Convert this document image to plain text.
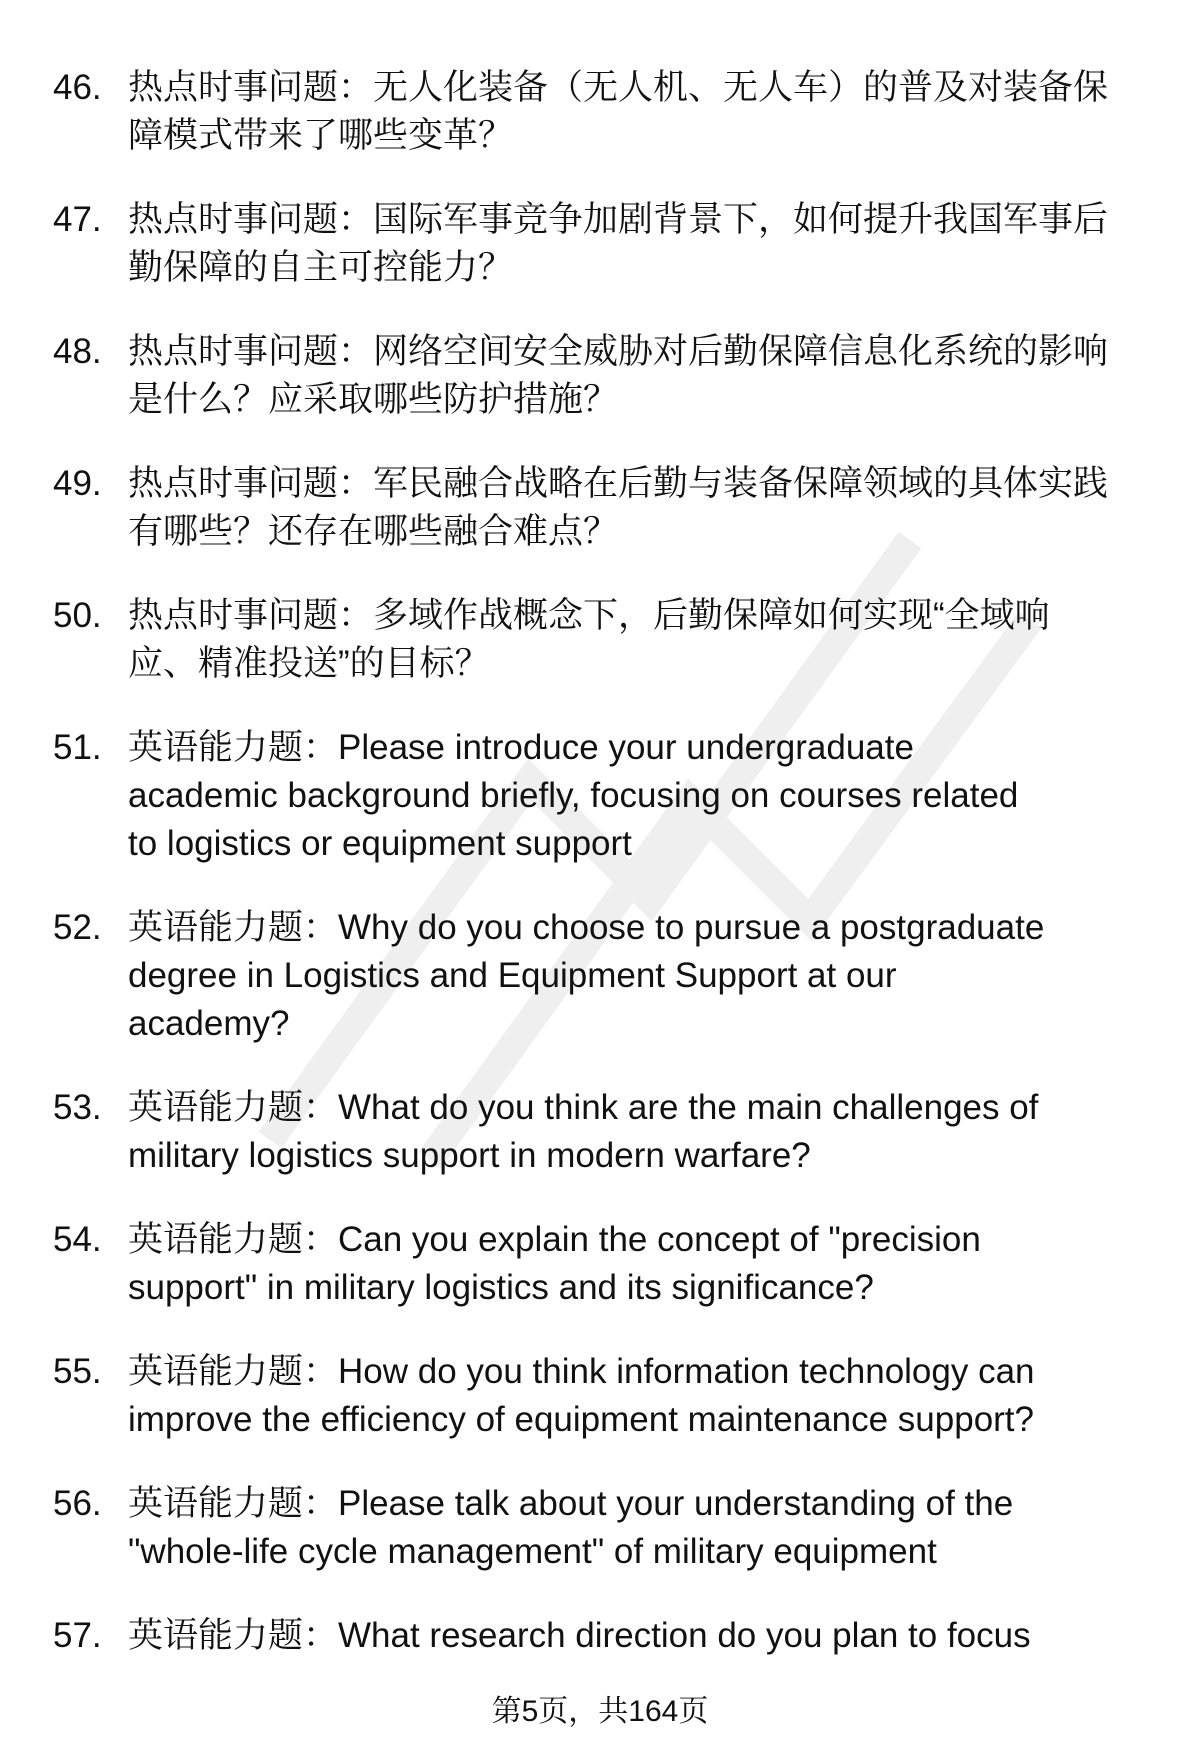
46. 热点时事问题：无人化装备（无人机、无人车）的普及对装备保
障模式带来了哪些变革？
47. 热点时事问题：国际军事竞争加剧背景下，如何提升我国军事后
勤保障的自主可控能力？
48. 热点时事问题：网络空间安全威胁对后勤保障信息化系统的影响
是什么？应采取哪些防护措施？
49. 热点时事问题：军民融合战略在后勤与装备保障领域的具体实践
有哪些？还存在哪些融合难点？
50. 热点时事问题：多域作战概念下，后勤保障如何实现“全域响
应、精准投送”的目标？
51. 英语能力题：Please introduce your undergraduate
academic background briefly, focusing on courses related
to logistics or equipment support
52. 英语能力题：Why do you choose to pursue a postgraduate
degree in Logistics and Equipment Support at our
academy?
53. 英语能力题：What do you think are the main challenges of
military logistics support in modern warfare?
54. 英语能力题：Can you explain the concept of "precision
support" in military logistics and its significance?
55. 英语能力题：How do you think information technology can
improve the efficiency of equipment maintenance support?
56. 英语能力题：Please talk about your understanding of the
"whole-life cycle management" of military equipment
57. 英语能力题：What research direction do you plan to focus
第5页，共164页
